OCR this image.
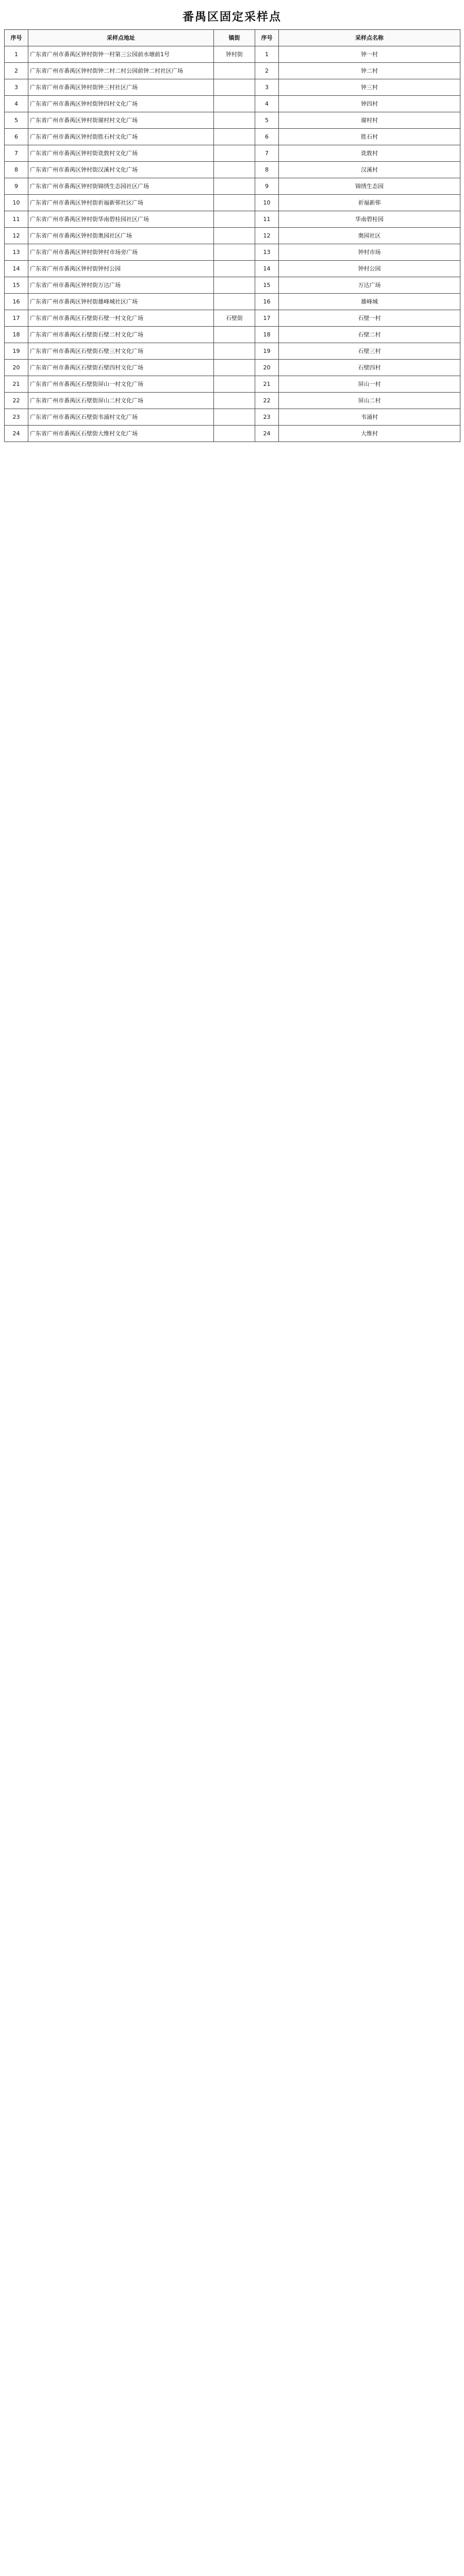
番禺区固定采样点
序号	采样点地址	镇街	序号	采样点名称
1	广东省广州市番禺区钟村街钟一村第三公园前水塘前1号	钟村街	1	钟一村
2	广东省广州市番禺区钟村街钟二村二村公园前钟二村社区广场		2	钟二村
3	广东省广州市番禺区钟村街钟三村社区广场		3	钟三村
4	广东省广州市番禺区钟村街钟四村文化广场		4	钟四村
5	广东省广州市番禺区钟村街谢村村文化广场		5	谢村村
6	广东省广州市番禺区钟村街胜石村文化广场		6	胜石村
7	广东省广州市番禺区钟村街诜敦村文化广场		7	诜敦村
8	广东省广州市番禺区钟村街汉溪村文化广场		8	汉溪村
9	广东省广州市番禺区钟村街锦绣生态园社区广场		9	锦绣生态园
10	广东省广州市番禺区钟村街祈福新邨社区广场		10	祈福新邨
11	广东省广州市番禺区钟村街华南碧桂园社区广场		11	华南碧桂园
12	广东省广州市番禺区钟村街奥园社区广场		12	奥园社区
13	广东省广州市番禺区钟村街钟村市场旁广场		13	钟村市场
14	广东省广州市番禺区钟村街钟村公园		14	钟村公园
15	广东省广州市番禺区钟村街万达广场		15	万达广场
16	广东省广州市番禺区钟村街雄峰城社区广场		16	雄峰城
17	广东省广州市番禺区石壁街石壁一村文化广场	石壁街	17	石壁一村
18	广东省广州市番禺区石壁街石壁二村文化广场		18	石壁二村
19	广东省广州市番禺区石壁街石壁三村文化广场		19	石壁三村
20	广东省广州市番禺区石壁街石壁四村文化广场		20	石壁四村
21	广东省广州市番禺区石壁街屏山一村文化广场		21	屏山一村
22	广东省广州市番禺区石壁街屏山二村文化广场		22	屏山二村
23	广东省广州市番禺区石壁街韦涌村文化广场		23	韦涌村
24	广东省广州市番禺区石壁街大维村文化广场		24	大维村
